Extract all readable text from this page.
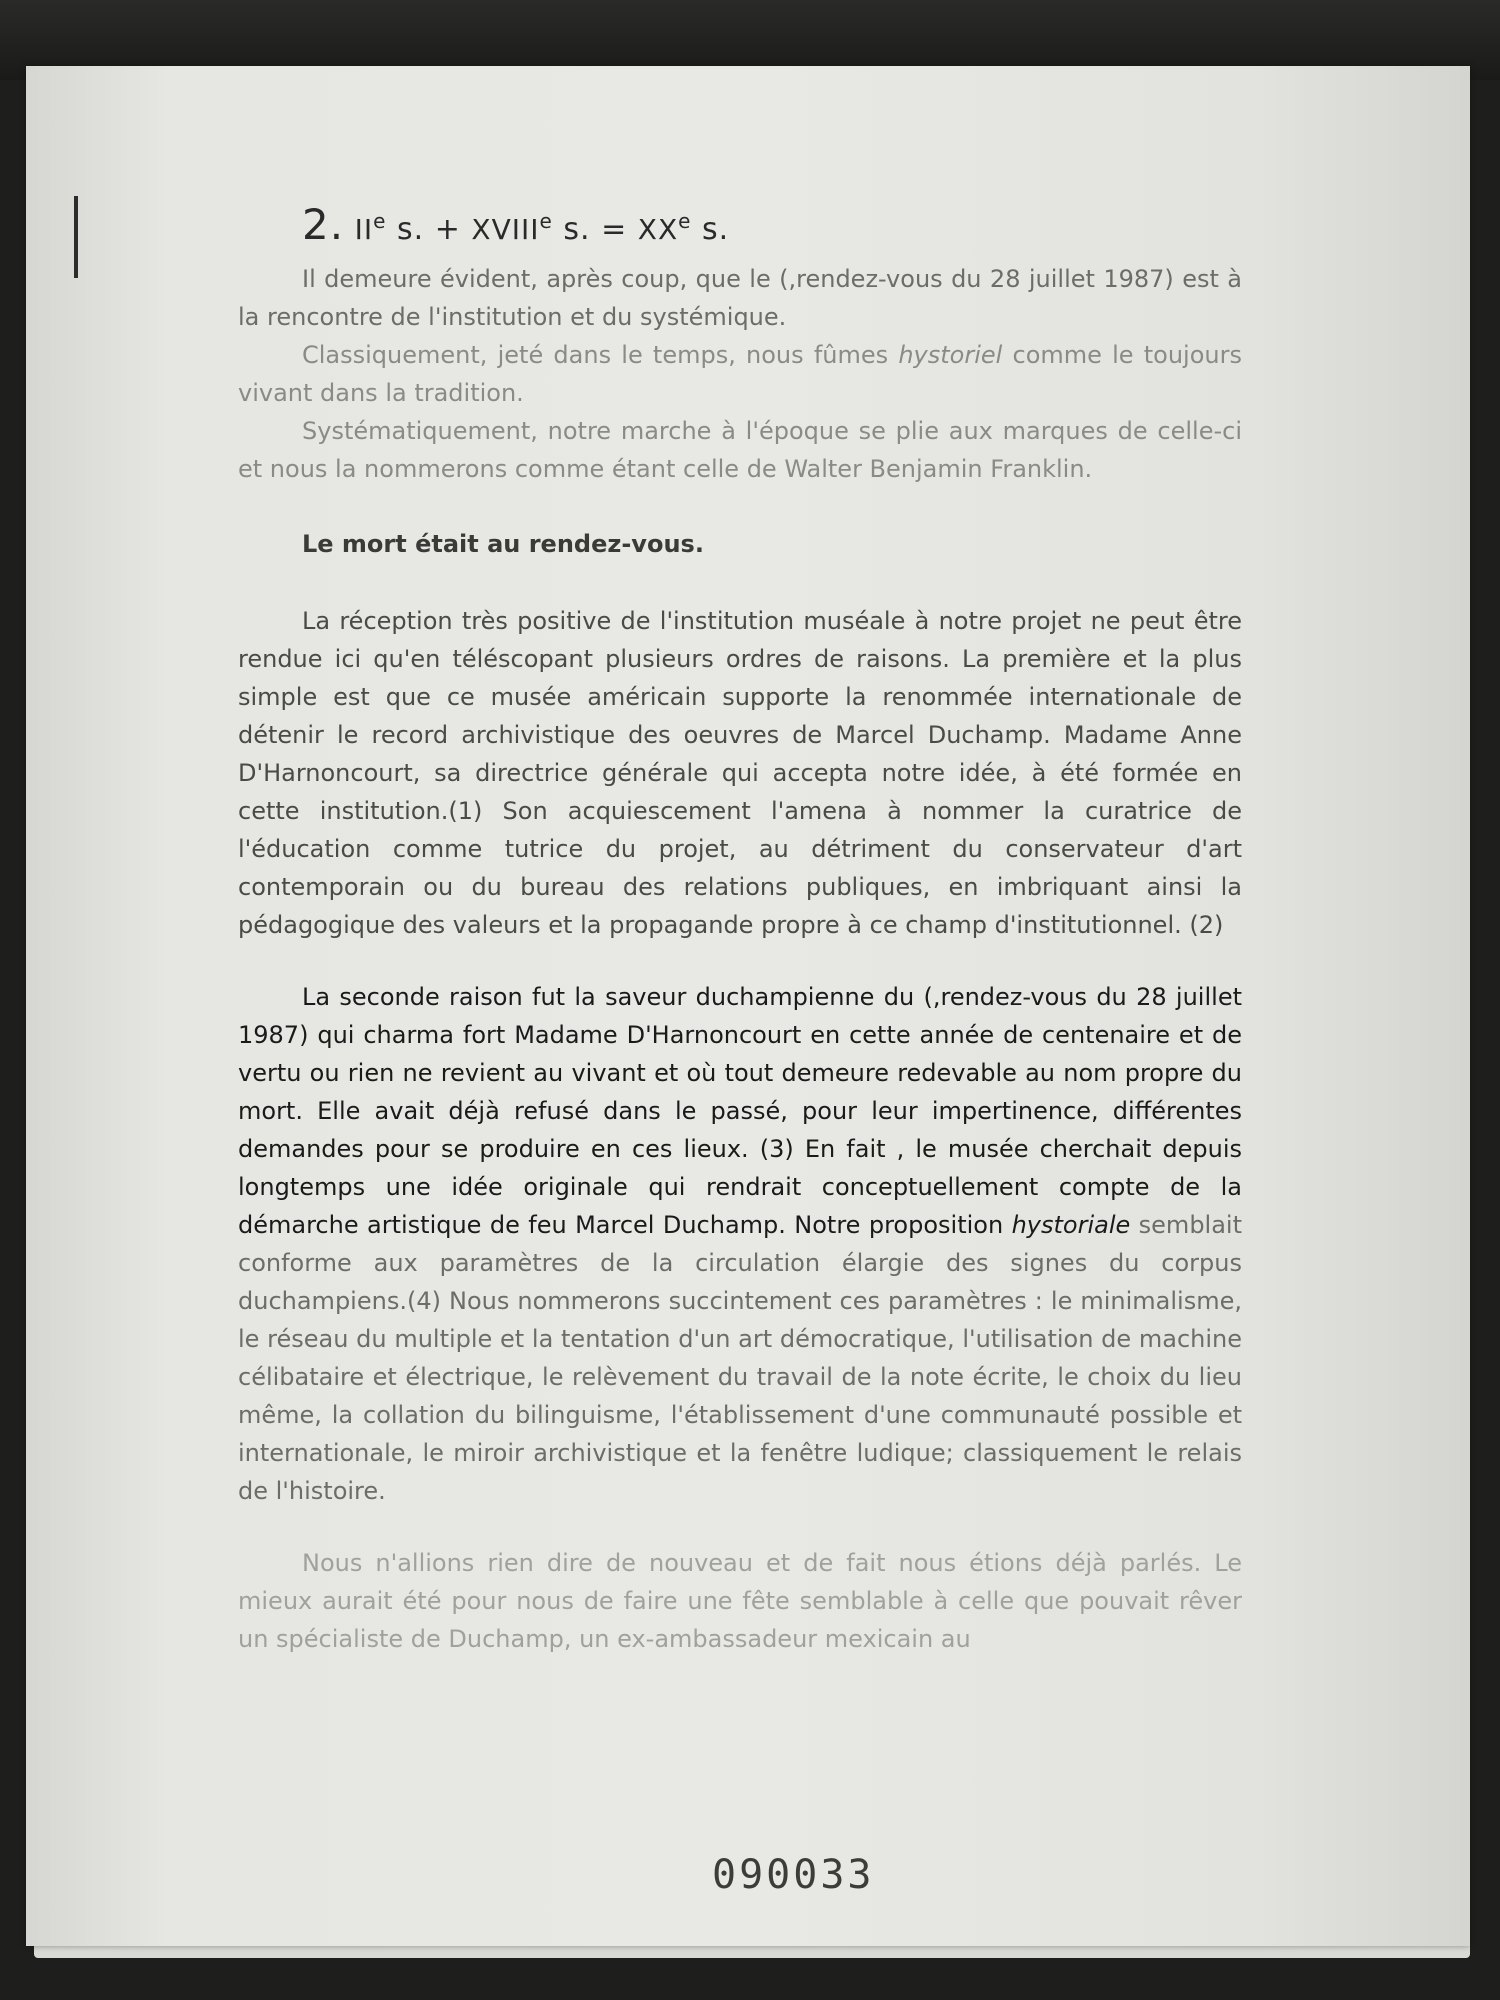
2. IIe s. + $XVIII^e$ s. = $XX^e$ s.

Il demeure évident, après coup, que le (,rendez-vous du 28 juillet 1987) est à la rencontre de l'institution et du systémique.

Classiquement, jeté dans le temps, nous fûmes hystoriel comme le toujours vivant dans la tradition.

Systématiquement, notre marche à l'époque se plie aux marques de celle-ci et nous la nommerons comme étant celle de Walter Benjamin Franklin.

Le mort était au rendez-vous.

La réception très positive de l'institution muséale à notre projet ne peut être rendue ici qu'en téléscopant plusieurs ordres de raisons. La première et la plus simple est que ce musée américain supporte la renommée internationale de détenir le record archivistique des oeuvres de Marcel Duchamp. Madame Anne D'Harnoncourt, sa directrice générale qui accepta notre idée, à été formée en cette institution.(1) Son acquiescement l'amena à nommer la curatrice de l'éducation comme tutrice du projet, au détriment du conservateur d'art contemporain ou du bureau des relations publiques, en imbriquant ainsi la pédagogique des valeurs et la propagande propre à ce champ d'institutionnel. (2)

La seconde raison fut la saveur duchampienne du (,rendez-vous du 28 juillet 1987) qui charma fort Madame D'Harnoncourt en cette année de centenaire et de vertu ou rien ne revient au vivant et où tout demeure redevable au nom propre du mort. Elle avait déjà refusé dans le passé, pour leur impertinence, différentes demandes pour se produire en ces lieux. (3) En fait , le musée cherchait depuis longtemps une idée originale qui rendrait conceptuellement compte de la démarche artistique de feu Marcel Duchamp. Notre proposition hystoriale semblait conforme aux paramètres de la circulation élargie des signes du corpus duchampiens.(4) Nous nommerons succintement ces paramètres : le minimalisme, le réseau du multiple et la tentation d'un art démocratique, l'utilisation de machine célibataire et électrique, le relèvement du travail de la note écrite, le choix du lieu même, la collation du bilinguisme, l'établissement d'une communauté possible et internationale, le miroir archivistique et la fenêtre ludique; classiquement le relais de l'histoire.

Nous n'allions rien dire de nouveau et de fait nous étions déjà parlés. Le mieux aurait été pour nous de faire une fête semblable à celle que pouvait rêver un spécialiste de Duchamp, un ex-ambassadeur mexicain au

090033
